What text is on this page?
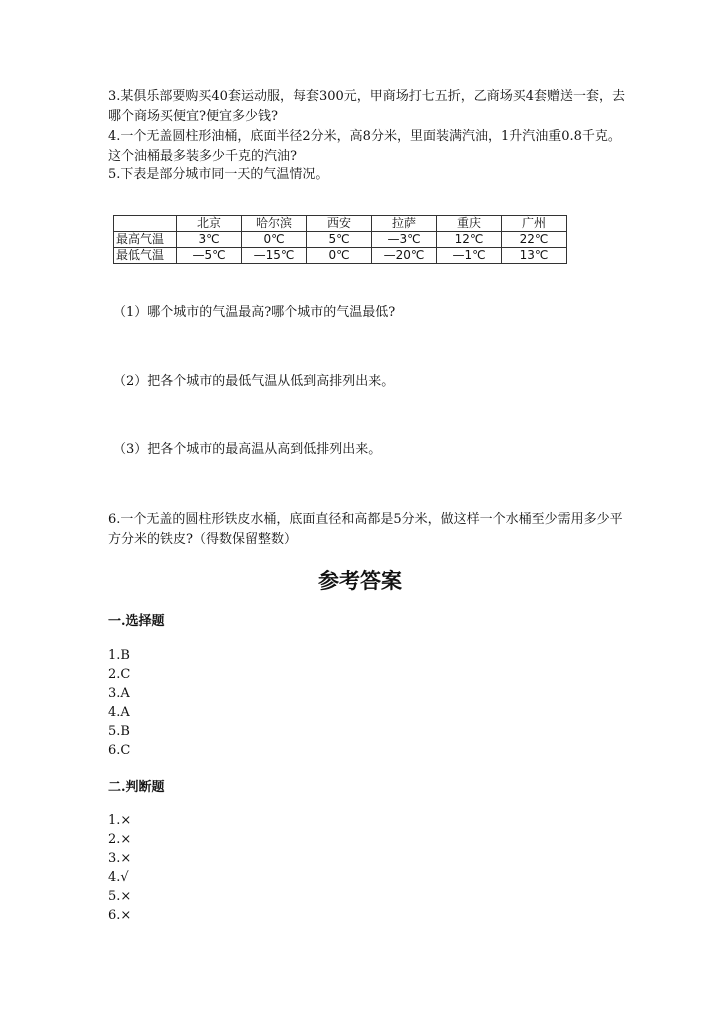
3.某俱乐部要购买40套运动服，每套300元，甲商场打七五折，乙商场买4套赠送一套，去哪个商场买便宜?便宜多少钱?

4.一个无盖圆柱形油桶，底面半径2分米，高8分米，里面装满汽油，1升汽油重0.8千克。这个油桶最多装多少千克的汽油?

5.下表是部分城市同一天的气温情况。

	北京	哈尔滨	西安	拉萨	重庆	广州
最高气温	3℃	0℃	5℃	—3℃	12℃	22℃
最低气温	—5℃	—15℃	0℃	—20℃	—1℃	13℃
（1）哪个城市的气温最高?哪个城市的气温最低?
（2）把各个城市的最低气温从低到高排列出来。
（3）把各个城市的最高温从高到低排列出来。

6.一个无盖的圆柱形铁皮水桶，底面直径和高都是5分米，做这样一个水桶至少需用多少平方分米的铁皮?（得数保留整数）

参考答案
一.选择题
1.B
2.C
3.A
4.A
5.B
6.C
二.判断题
1.×
2.×
3.×
4.√
5.×
6.×
